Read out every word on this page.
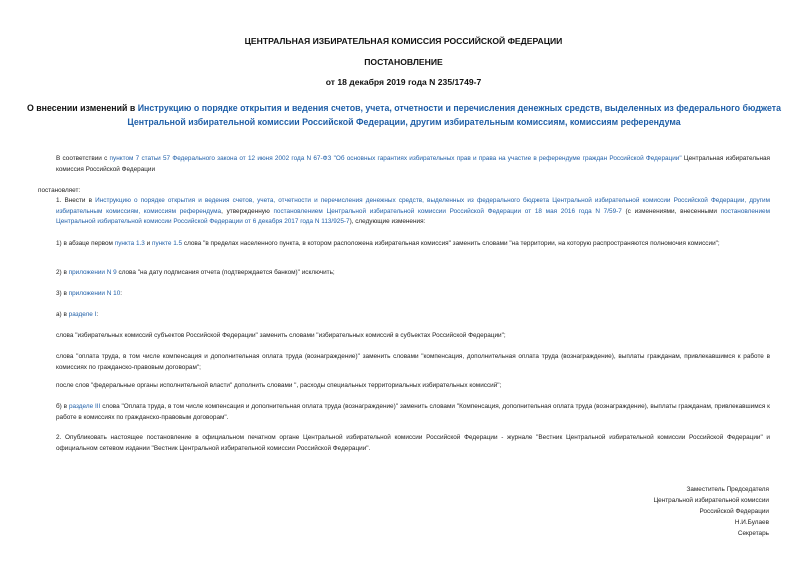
ЦЕНТРАЛЬНАЯ ИЗБИРАТЕЛЬНАЯ КОМИССИЯ РОССИЙСКОЙ ФЕДЕРАЦИИ
ПОСТАНОВЛЕНИЕ
от 18 декабря 2019 года N 235/1749-7
О внесении изменений в Инструкцию о порядке открытия и ведения счетов, учета, отчетности и перечисления денежных средств, выделенных из федерального бюджета Центральной избирательной комиссии Российской Федерации, другим избирательным комиссиям, комиссиям референдума

В соответствии с пунктом 7 статьи 57 Федерального закона от 12 июня 2002 года N 67-ФЗ "Об основных гарантиях избирательных прав и права на участие в референдуме граждан Российской Федерации" Центральная избирательная комиссия Российской Федерации

постановляет:

1. Внести в Инструкцию о порядке открытия и ведения счетов, учета, отчетности и перечисления денежных средств, выделенных из федерального бюджета Центральной избирательной комиссии Российской Федерации, другим избирательным комиссиям, комиссиям референдума, утвержденную постановлением Центральной избирательной комиссии Российской Федерации от 18 мая 2016 года N 7/59-7 (с изменениями, внесенными постановлением Центральной избирательной комиссии Российской Федерации от 6 декабря 2017 года N 113/925-7), следующие изменения:

1) в абзаце первом пункта 1.3 и пункте 1.5 слова "в пределах населенного пункта, в котором расположена избирательная комиссия" заменить словами "на территории, на которую распространяются полномочия комиссии";

2) в приложении N 9 слова "на дату подписания отчета (подтверждается банком)" исключить;

3) в приложении N 10:

а) в разделе I:

слова "избирательных комиссий субъектов Российской Федерации" заменить словами "избирательных комиссий в субъектах Российской Федерации";

слова "оплата труда, в том числе компенсация и дополнительная оплата труда (вознаграждение)" заменить словами "компенсация, дополнительная оплата труда (вознаграждение), выплаты гражданам, привлекавшимся к работе в комиссиях по гражданско-правовым договорам";

после слов "федеральные органы исполнительной власти" дополнить словами ", расходы специальных территориальных избирательных комиссий";

б) в разделе III слова "Оплата труда, в том числе компенсация и дополнительная оплата труда (вознаграждение)" заменить словами "Компенсация, дополнительная оплата труда (вознаграждение), выплаты гражданам, привлекавшимся к работе в комиссиях по гражданско-правовым договорам".

2. Опубликовать настоящее постановление в официальном печатном органе Центральной избирательной комиссии Российской Федерации - журнале "Вестник Центральной избирательной комиссии Российской Федерации" и официальном сетевом издании "Вестник Центральной избирательной комиссии Российской Федерации".

Заместитель Председателя
Центральной избирательной комиссии
Российской Федерации
Н.И.Булаев
Секретарь
